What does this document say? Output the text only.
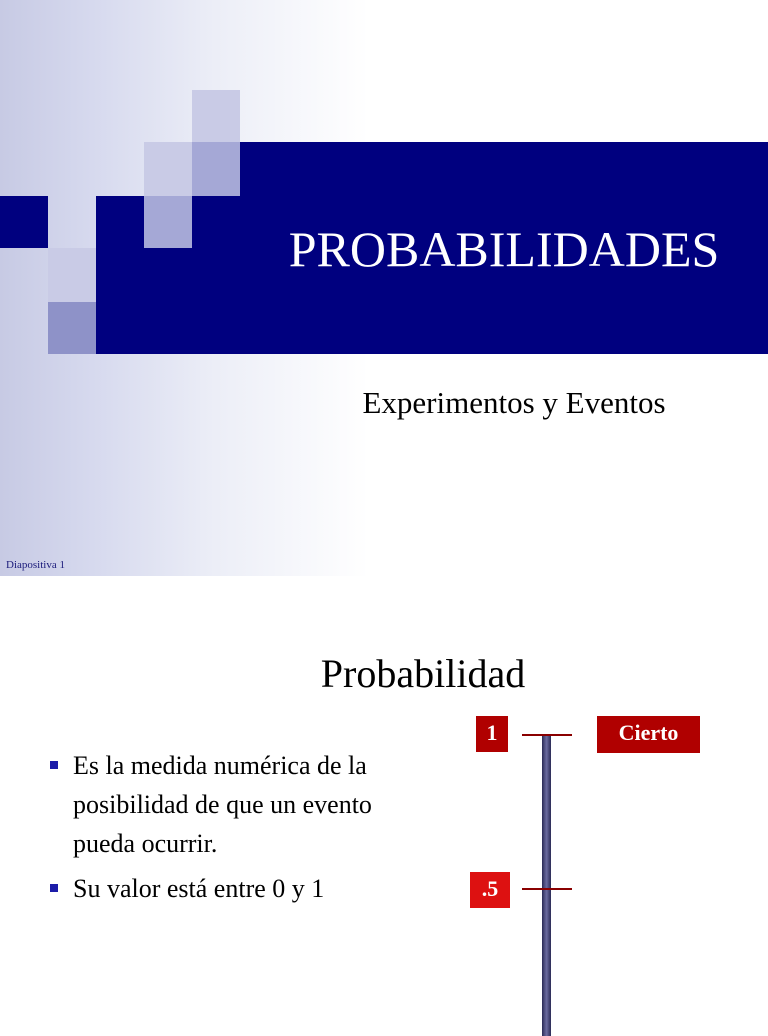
PROBABILIDADES
Experimentos y Eventos
Diapositiva 1
Probabilidad
Es la medida numérica de la posibilidad de que un evento pueda ocurrir.
Su valor está entre 0 y 1
1	Cierto
.5
